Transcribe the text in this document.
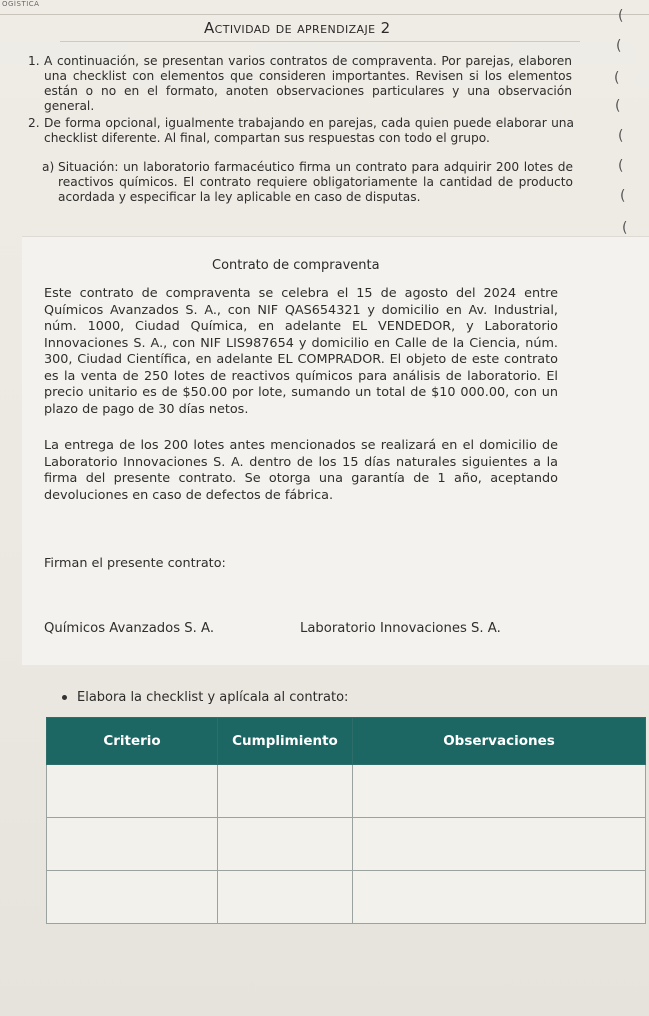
OGÍSTICA
Actividad de aprendizaje 2
1. A continuación, se presentan varios contratos de compraventa. Por parejas, elaboren una checklist con elementos que consideren importantes. Revisen si los elementos están o no en el formato, anoten observaciones particulares y una observación general.
2. De forma opcional, igualmente trabajando en parejas, cada quien puede elaborar una checklist diferente. Al final, compartan sus respuestas con todo el grupo.
a) Situación: un laboratorio farmacéutico firma un contrato para adquirir 200 lotes de reactivos químicos. El contrato requiere obligatoriamente la cantidad de producto acordada y especificar la ley aplicable en caso de disputas.
Contrato de compraventa
Este contrato de compraventa se celebra el 15 de agosto del 2024 entre Químicos Avanzados S. A., con NIF QAS654321 y domicilio en Av. Industrial, núm. 1000, Ciudad Química, en adelante EL VENDEDOR, y Laboratorio Innovaciones S. A., con NIF LIS987654 y domicilio en Calle de la Ciencia, núm. 300, Ciudad Científica, en adelante EL COMPRADOR. El objeto de este contrato es la venta de 250 lotes de reactivos químicos para análisis de laboratorio. El precio unitario es de $50.00 por lote, sumando un total de $10 000.00, con un plazo de pago de 30 días netos.
La entrega de los 200 lotes antes mencionados se realizará en el domicilio de Laboratorio Innovaciones S. A. dentro de los 15 días naturales siguientes a la firma del presente contrato. Se otorga una garantía de 1 año, aceptando devoluciones en caso de defectos de fábrica.
Firman el presente contrato:
Químicos Avanzados S. A.	Laboratorio Innovaciones S. A.
Elabora la checklist y aplícala al contrato:
Criterio	Cumplimiento	Observaciones

(
(
(
(
(
(
(
(
